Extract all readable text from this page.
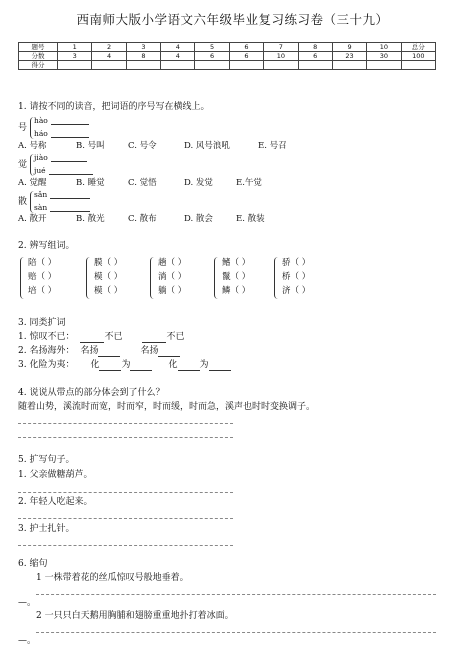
西南师大版小学语文六年级毕业复习练习卷（三十九）
题号	1	2	3	4	5	6	7	8	9	10	总分
分数	3	4	8	4	6	6	10	6	23	30	100
得分											
1. 请按不同的读音，把词语的序号写在横线上。
号
hào
háo
A. 号称	B. 号叫	C. 号令	D. 风号浪吼	E. 号召
觉
jiào
jué
A. 觉醒	B. 睡觉	C. 觉悟	D. 发觉	E.午觉
散
sǎn
sàn
A. 散开	B. 散光	C. 散布	D. 散会	E. 散装
2. 辨写组词。
陪（ ）
赔（ ）
培（ ）
膜（ ）
模（ ）
模（ ）
趟（ ）
淌（ ）
躺（ ）
鳍（ ）
鬣（ ）
鳞（ ）
骄（ ）
桥（ ）
济（ ）
3. 同类扩词
1. 惊叹不已：	不已	不已
2. 名扬海外： 名扬	名扬
3. 化险为夷： 化 为	化 为
4. 说说从带点的部分体会到了什么？
随着山势，溪流时而宽，时而窄，时而缓，时而急，溪声也时时变换调子。
5. 扩写句子。
1. 父亲做糖葫芦。
2. 年轻人吃起来。
3. 护士扎针。
6. 缩句
1 一株带着花的丝瓜惊叹号般地垂着。
—。
2 一只只白天鹅用胸脯和翅膀重重地扑打着冰面。
—。
